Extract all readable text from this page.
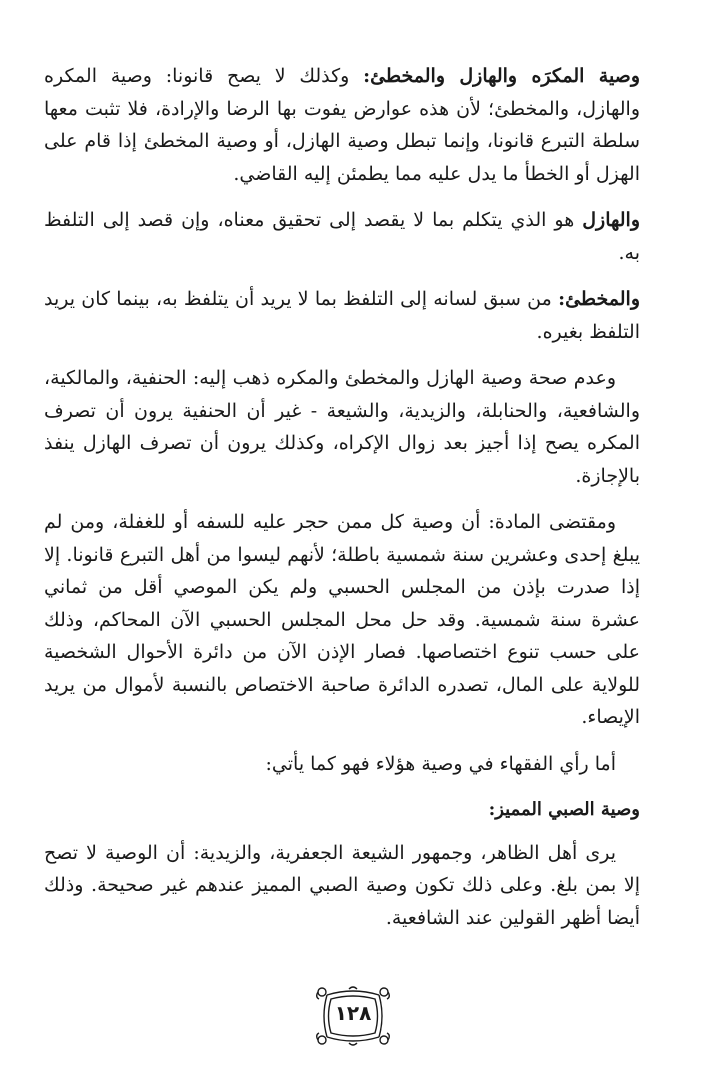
وصية المكرَه والهازل والمخطئ: وكذلك لا يصح قانونا: وصية المكره والهازل، والمخطئ؛ لأن هذه عوارض يفوت بها الرضا والإرادة، فلا تثبت معها سلطة التبرع قانونا، وإنما تبطل وصية الهازل، أو وصية المخطئ إذا قام على الهزل أو الخطأ ما يدل عليه مما يطمئن إليه القاضي.

والهازل هو الذي يتكلم بما لا يقصد إلى تحقيق معناه، وإن قصد إلى التلفظ به.

والمخطئ: من سبق لسانه إلى التلفظ بما لا يريد أن يتلفظ به، بينما كان يريد التلفظ بغيره.

وعدم صحة وصية الهازل والمخطئ والمكره ذهب إليه: الحنفية، والمالكية، والشافعية، والحنابلة، والزيدية، والشيعة - غير أن الحنفية يرون أن تصرف المكره يصح إذا أجيز بعد زوال الإكراه، وكذلك يرون أن تصرف الهازل ينفذ بالإجازة.

ومقتضى المادة: أن وصية كل ممن حجر عليه للسفه أو للغفلة، ومن لم يبلغ إحدى وعشرين سنة شمسية باطلة؛ لأنهم ليسوا من أهل التبرع قانونا. إلا إذا صدرت بإذن من المجلس الحسبي ولم يكن الموصي أقل من ثماني عشرة سنة شمسية. وقد حل محل المجلس الحسبي الآن المحاكم، وذلك على حسب تنوع اختصاصها. فصار الإذن الآن من دائرة الأحوال الشخصية للولاية على المال، تصدره الدائرة صاحبة الاختصاص بالنسبة لأموال من يريد الإيصاء.

أما رأي الفقهاء في وصية هؤلاء فهو كما يأتي:

وصية الصبي المميز:

يرى أهل الظاهر، وجمهور الشيعة الجعفرية، والزيدية: أن الوصية لا تصح إلا بمن بلغ. وعلى ذلك تكون وصية الصبي المميز عندهم غير صحيحة. وذلك أيضا أظهر القولين عند الشافعية.

١٢٨
